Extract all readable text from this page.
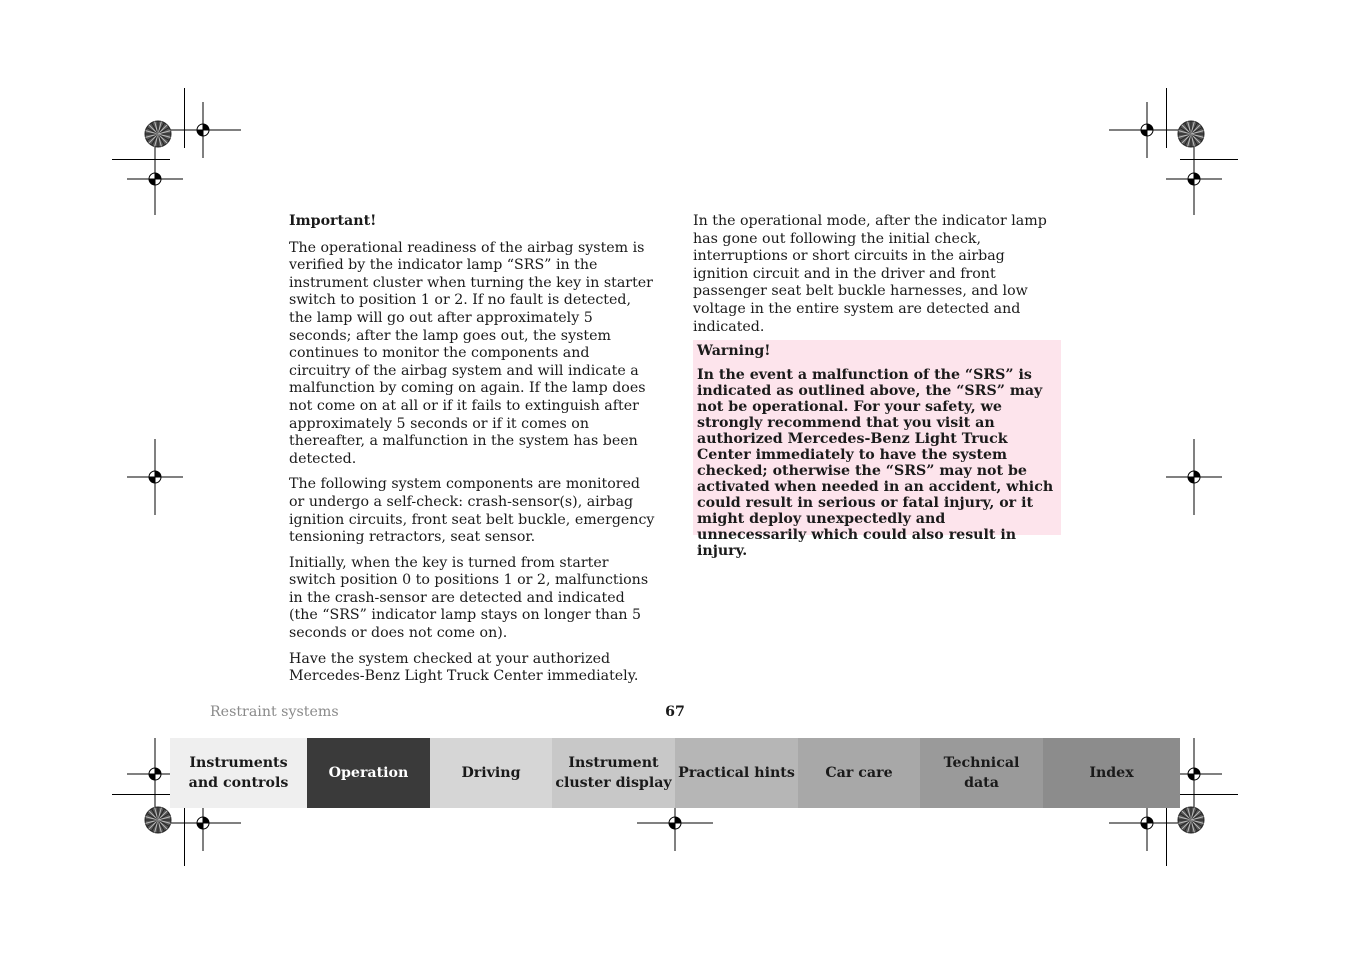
Important!

The operational readiness of the airbag system is verified by the indicator lamp “SRS” in the instrument cluster when turning the key in starter switch to position 1 or 2. If no fault is detected, the lamp will go out after approximately 5 seconds; after the lamp goes out, the system continues to monitor the components and circuitry of the airbag system and will indicate a malfunction by coming on again. If the lamp does not come on at all or if it fails to extinguish after approximately 5 seconds or if it comes on thereafter, a malfunction in the system has been detected.

The following system components are monitored or undergo a self-check: crash-sensor(s), airbag ignition circuits, front seat belt buckle, emergency tensioning retractors, seat sensor.

Initially, when the key is turned from starter switch position 0 to positions 1 or 2, malfunctions in the crash-sensor are detected and indicated (the “SRS” indicator lamp stays on longer than 5 seconds or does not come on).

Have the system checked at your authorized Mercedes-Benz Light Truck Center immediately.

In the operational mode, after the indicator lamp has gone out following the initial check, interruptions or short circuits in the airbag ignition circuit and in the driver and front passenger seat belt buckle harnesses, and low voltage in the entire system are detected and indicated.

Warning!

In the event a malfunction of the “SRS” is indicated as outlined above, the “SRS” may not be operational. For your safety, we strongly recommend that you visit an authorized Mercedes-Benz Light Truck Center immediately to have the system checked; otherwise the “SRS” may not be activated when needed in an accident, which could result in serious or fatal injury, or it might deploy unexpectedly and unnecessarily which could also result in injury.

Restraint systems	67
Instruments
and controls
Operation	Driving
Instrument
cluster display
Practical hints	Car care
Technical
data
Index
